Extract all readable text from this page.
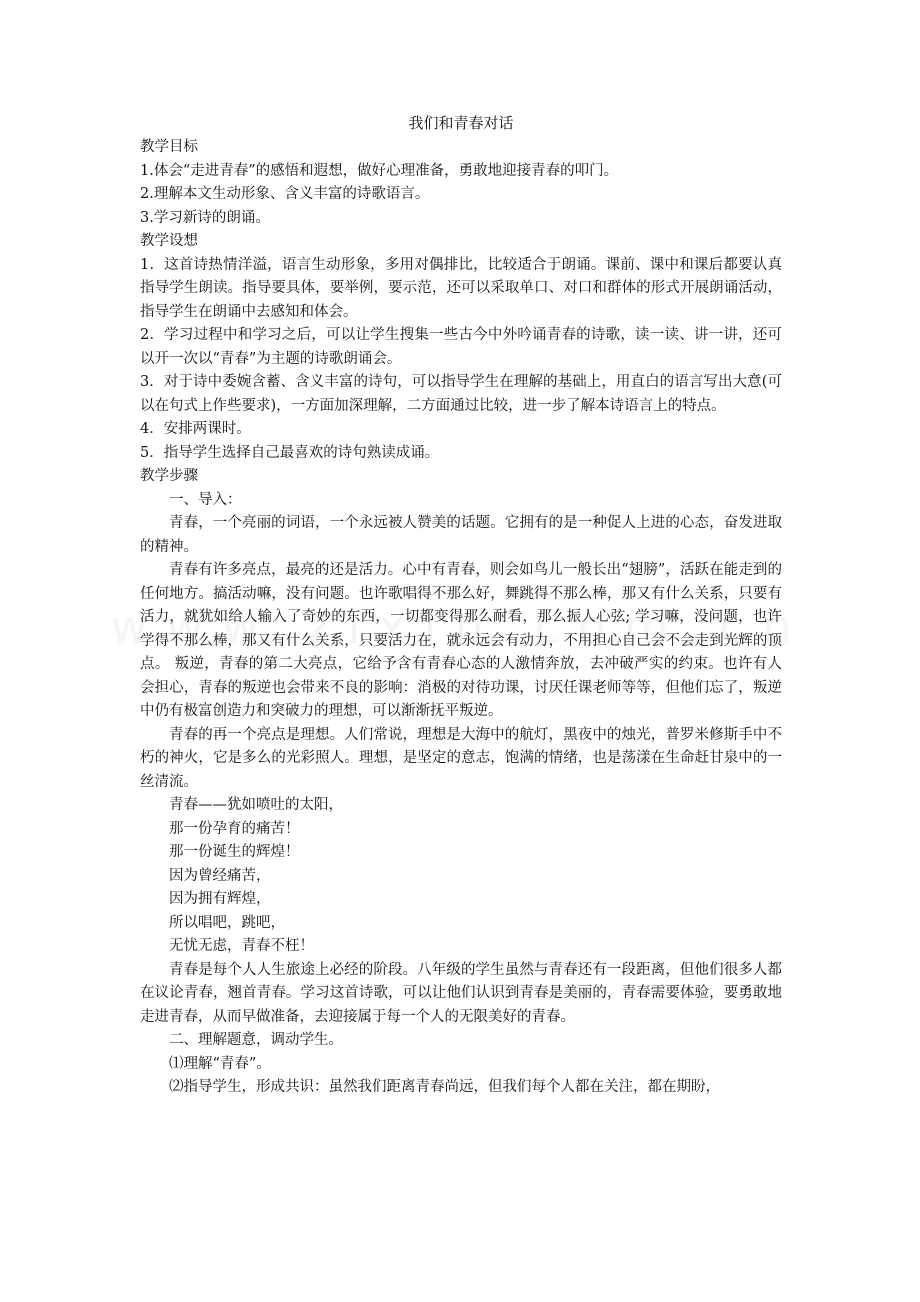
我们和青春对话
教学目标
1.体会“走进青春”的感悟和遐想，做好心理准备，勇敢地迎接青春的叩门。
2.理解本文生动形象、含义丰富的诗歌语言。
3.学习新诗的朗诵。
教学设想
1．这首诗热情洋溢，语言生动形象，多用对偶排比，比较适合于朗诵。课前、课中和课后都要认真指导学生朗读。指导要具体，要举例，要示范，还可以采取单口、对口和群体的形式开展朗诵活动，指导学生在朗诵中去感知和体会。
2．学习过程中和学习之后，可以让学生搜集一些古今中外吟诵青春的诗歌，读一读、讲一讲，还可以开一次以“青春”为主题的诗歌朗诵会。
3．对于诗中委婉含蓄、含义丰富的诗句，可以指导学生在理解的基础上，用直白的语言写出大意(可以在句式上作些要求)，一方面加深理解，二方面通过比较，进一步了解本诗语言上的特点。
4．安排两课时。
5．指导学生选择自己最喜欢的诗句熟读成诵。
教学步骤
一、导入：
青春，一个亮丽的词语，一个永远被人赞美的话题。它拥有的是一种促人上进的心态，奋发进取的精神。
青春有许多亮点，最亮的还是活力。心中有青春，则会如鸟儿一般长出“翅膀”，活跃在能走到的任何地方。搞活动嘛，没有问题。也许歌唱得不那么好，舞跳得不那么棒，那又有什么关系，只要有活力，就犹如给人输入了奇妙的东西，一切都变得那么耐看，那么振人心弦; 学习嘛，没问题，也许学得不那么棒，那又有什么关系，只要活力在，就永远会有动力，不用担心自己会不会走到光辉的顶点。 叛逆，青春的第二大亮点，它给予含有青春心态的人激情奔放，去冲破严实的约束。也许有人会担心，青春的叛逆也会带来不良的影响：消极的对待功课，讨厌任课老师等等，但他们忘了，叛逆中仍有极富创造力和突破力的理想，可以渐渐抚平叛逆。
青春的再一个亮点是理想。人们常说，理想是大海中的航灯，黑夜中的烛光，普罗米修斯手中不朽的神火，它是多么的光彩照人。理想，是坚定的意志，饱满的情绪，也是荡漾在生命赶甘泉中的一丝清流。
青春——犹如喷吐的太阳，
那一份孕育的痛苦！
那一份诞生的辉煌！
因为曾经痛苦，
因为拥有辉煌，
所以唱吧，跳吧，
无忧无虑，青春不枉！
青春是每个人人生旅途上必经的阶段。八年级的学生虽然与青春还有一段距离，但他们很多人都在议论青春，翘首青春。学习这首诗歌，可以让他们认识到青春是美丽的，青春需要体验，要勇敢地走进青春，从而早做准备，去迎接属于每一个人的无限美好的青春。
二、理解题意，调动学生。
⑴理解“青春”。
⑵指导学生，形成共识：虽然我们距离青春尚远，但我们每个人都在关注，都在期盼，
